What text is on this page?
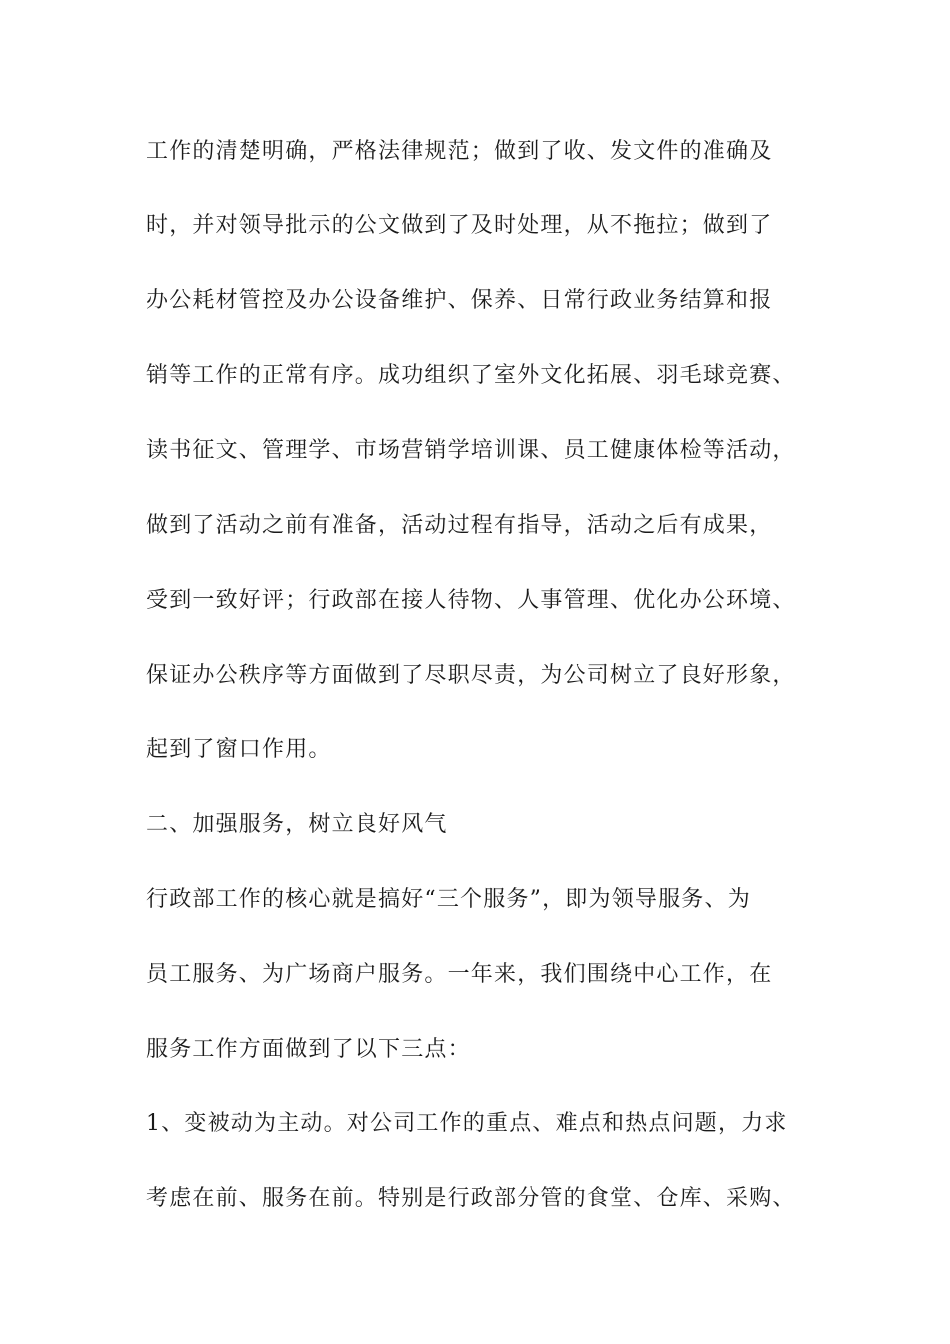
工作的清楚明确，严格法律规范；做到了收、发文件的准确及
时，并对领导批示的公文做到了及时处理，从不拖拉；做到了
办公耗材管控及办公设备维护、保养、日常行政业务结算和报
销等工作的正常有序。成功组织了室外文化拓展、羽毛球竞赛、
读书征文、管理学、市场营销学培训课、员工健康体检等活动，
做到了活动之前有准备，活动过程有指导，活动之后有成果，
受到一致好评；行政部在接人待物、人事管理、优化办公环境、
保证办公秩序等方面做到了尽职尽责，为公司树立了良好形象，
起到了窗口作用。
二、加强服务，树立良好风气
行政部工作的核心就是搞好“三个服务”，即为领导服务、为
员工服务、为广场商户服务。一年来，我们围绕中心工作，在
服务工作方面做到了以下三点：
1、变被动为主动。对公司工作的重点、难点和热点问题，力求
考虑在前、服务在前。特别是行政部分管的食堂、仓库、采购、
